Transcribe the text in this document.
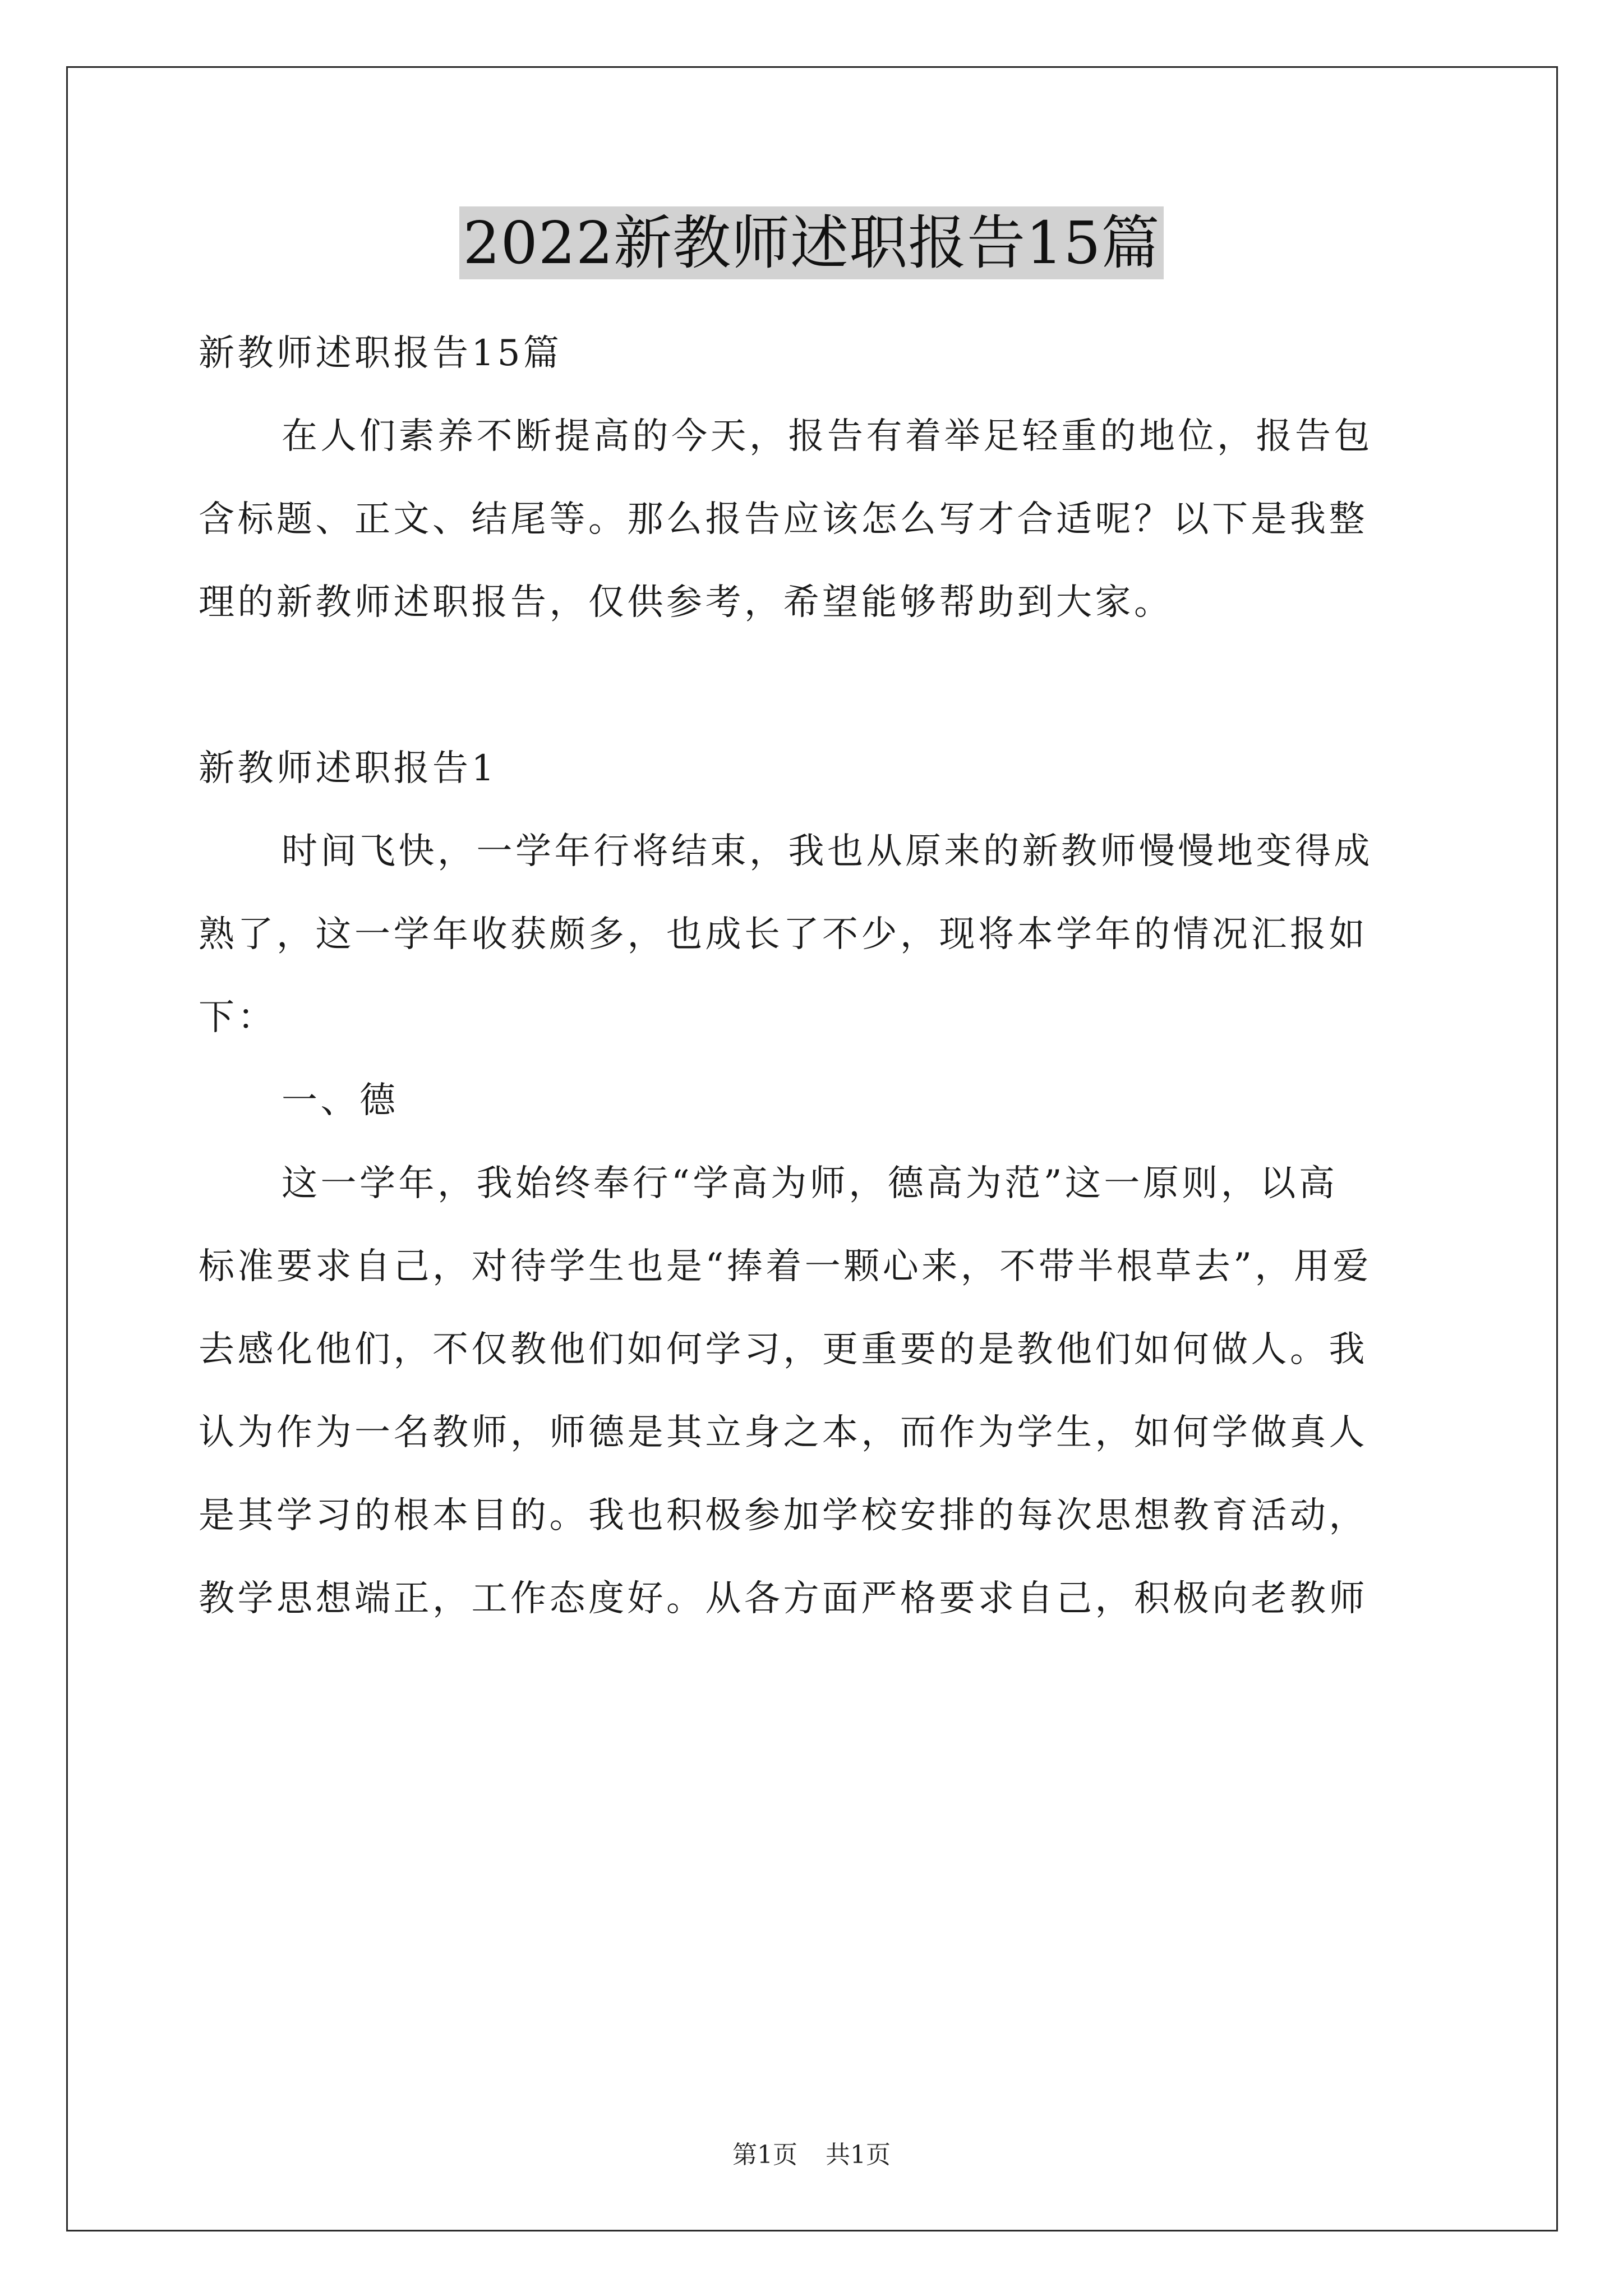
2022新教师述职报告15篇

新教师述职报告15篇

在人们素养不断提高的今天，报告有着举足轻重的地位，报告包

含标题、正文、结尾等。那么报告应该怎么写才合适呢？以下是我整

理的新教师述职报告，仅供参考，希望能够帮助到大家。

新教师述职报告1

时间飞快，一学年行将结束，我也从原来的新教师慢慢地变得成

熟了，这一学年收获颇多，也成长了不少，现将本学年的情况汇报如

下：

一、德

这一学年，我始终奉行“学高为师，德高为范”这一原则，以高

标准要求自己，对待学生也是“捧着一颗心来，不带半根草去”，用爱

去感化他们，不仅教他们如何学习，更重要的是教他们如何做人。我

认为作为一名教师，师德是其立身之本，而作为学生，如何学做真人

是其学习的根本目的。我也积极参加学校安排的每次思想教育活动，

教学思想端正，工作态度好。从各方面严格要求自己，积极向老教师

第1页 共1页
